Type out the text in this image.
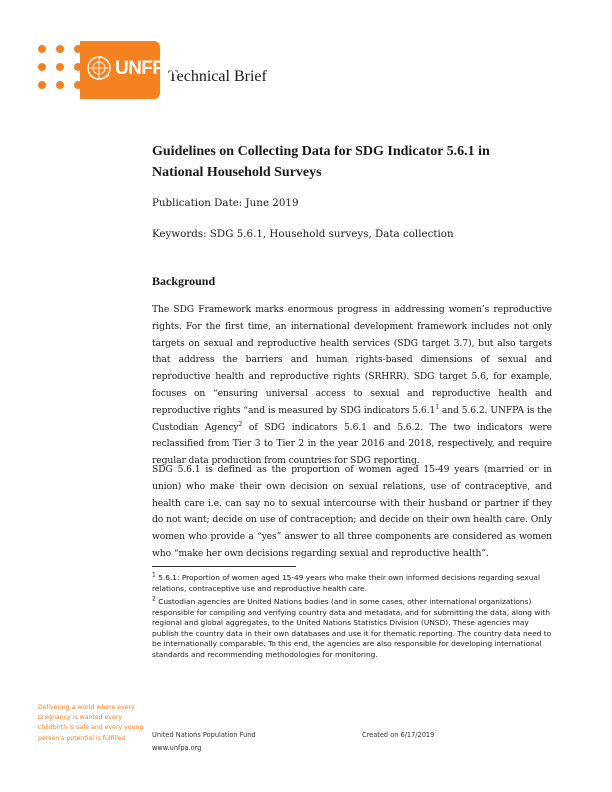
UNFPA
Technical Brief
Guidelines on Collecting Data for SDG Indicator 5.6.1 in National Household Surveys
Publication Date: June 2019
Keywords: SDG 5.6.1, Household surveys, Data collection
Background
The SDG Framework marks enormous progress in addressing women’s reproductive rights. For the first time, an international development framework includes not only targets on sexual and reproductive health services (SDG target 3.7), but also targets that address the barriers and human rights-based dimensions of sexual and reproductive health and reproductive rights (SRHRR). SDG target 5.6, for example, focuses on “ensuring universal access to sexual and reproductive health and reproductive rights “and is measured by SDG indicators 5.6.1$^1$ and 5.6.2. UNFPA is the Custodian Agency$^2$ of SDG indicators 5.6.1 and 5.6.2. The two indicators were reclassified from Tier 3 to Tier 2 in the year 2016 and 2018, respectively, and require regular data production from countries for SDG reporting.
SDG 5.6.1 is defined as the proportion of women aged 15-49 years (married or in union) who make their own decision on sexual relations, use of contraceptive, and health care i.e. can say no to sexual intercourse with their husband or partner if they do not want; decide on use of contraception; and decide on their own health care. Only women who provide a “yes” answer to all three components are considered as women who “make her own decisions regarding sexual and reproductive health”.
$^1$ 5.6.1: Proportion of women aged 15-49 years who make their own informed decisions regarding sexual relations, contraceptive use and reproductive health care.
$^2$ Custodian agencies are United Nations bodies (and in some cases, other international organizations) responsible for compiling and verifying country data and metadata, and for submitting the data, along with regional and global aggregates, to the United Nations Statistics Division (UNSD). These agencies may publish the country data in their own databases and use it for thematic reporting. The country data need to be internationally comparable. To this end, the agencies are also responsible for developing international standards and recommending methodologies for monitoring.
Delivering a world where every pregnancy is wanted every childbirth is safe and every young person’s potential is fulfilled	United Nations Population Fund
www.unfpa.org
Created on 6/17/2019
